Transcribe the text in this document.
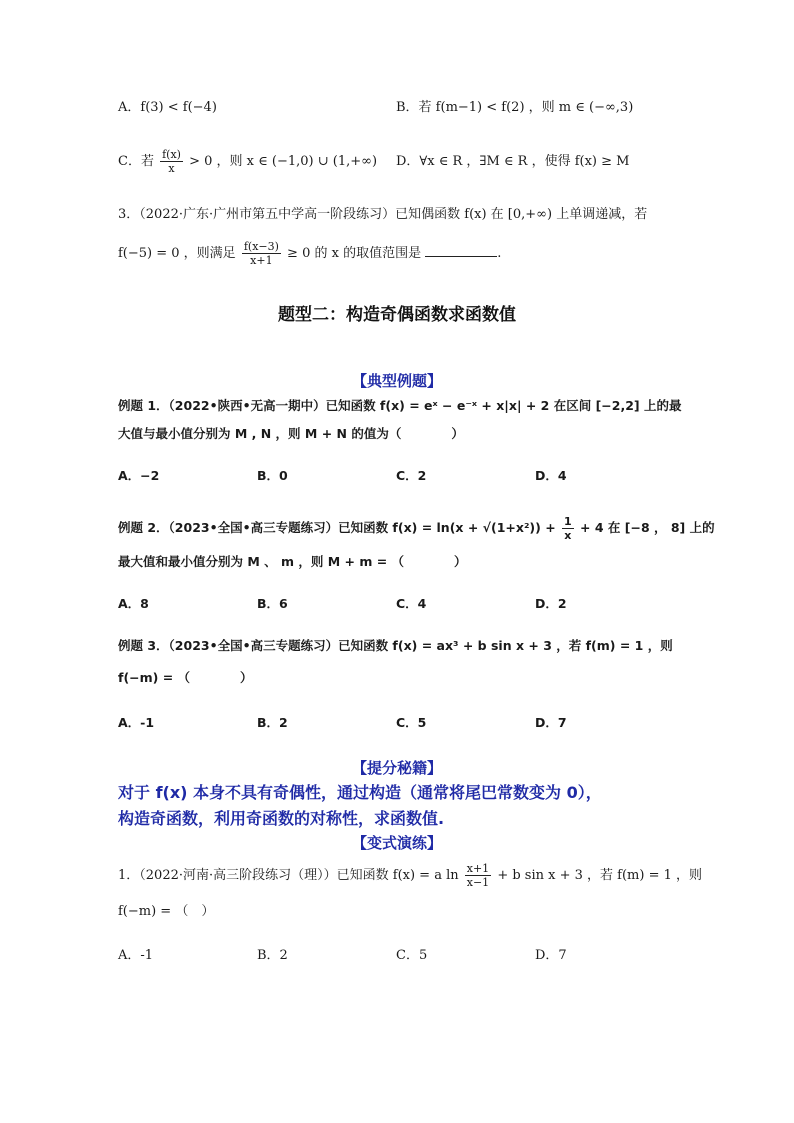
A．f(3) < f(−4)	B．若 f(m−1) < f(2) ，则 m ∈ (−∞,3)
C．若 $\frac{f(x)}{x} > 0$ ，则 x ∈ (−1,0) ∪ (1,+∞) D．∀x ∈ R ，∃M ∈ R ，使得 f(x) ≥ M
3．（2022·广东·广州市第五中学高一阶段练习）已知偶函数 f(x) 在 [0,+∞) 上单调递减，若
f(−5) = 0 ，则满足 $\frac{f(x-3)}{x+1} \ge 0$ 的 x 的取值范围是	.
题型二：构造奇偶函数求函数值
【典型例题】
例题 1．（2022•陕西•无高一期中）已知函数 f(x) = eˣ − e⁻ˣ + x|x| + 2 在区间 [−2,2] 上的最
大值与最小值分别为 M , N ，则 M + N 的值为（　　　　）
A．−2	B．0	C．2	D．4
例题 2．（2023•全国•高三专题练习）已知函数 $f(x) = \ln(x + √(1+x^2)) + \frac{1}{x} + 4$ 在 [−8 ， 8] 上的
最大值和最小值分别为 M 、 m ，则 M + m = （　　　　）
A．8	B．6	C．4	D．2
例题 3．（2023•全国•高三专题练习）已知函数 f(x) = ax³ + b sin x + 3 ，若 f(m) = 1 ，则
f(−m) = （　　　　）
A．-1	B．2	C．5	D．7
【提分秘籍】
对于 f(x) 本身不具有奇偶性，通过构造（通常将尾巴常数变为 0），
构造奇函数，利用奇函数的对称性，求函数值.
【变式演练】
1．（2022·河南·高三阶段练习（理））已知函数 f(x) = a $\ln \frac{x+1}{x-1} + b$ sin x + 3 ，若 f(m) = 1 ，则
f(−m) = （　）
A．-1	B．2	C．5	D．7
